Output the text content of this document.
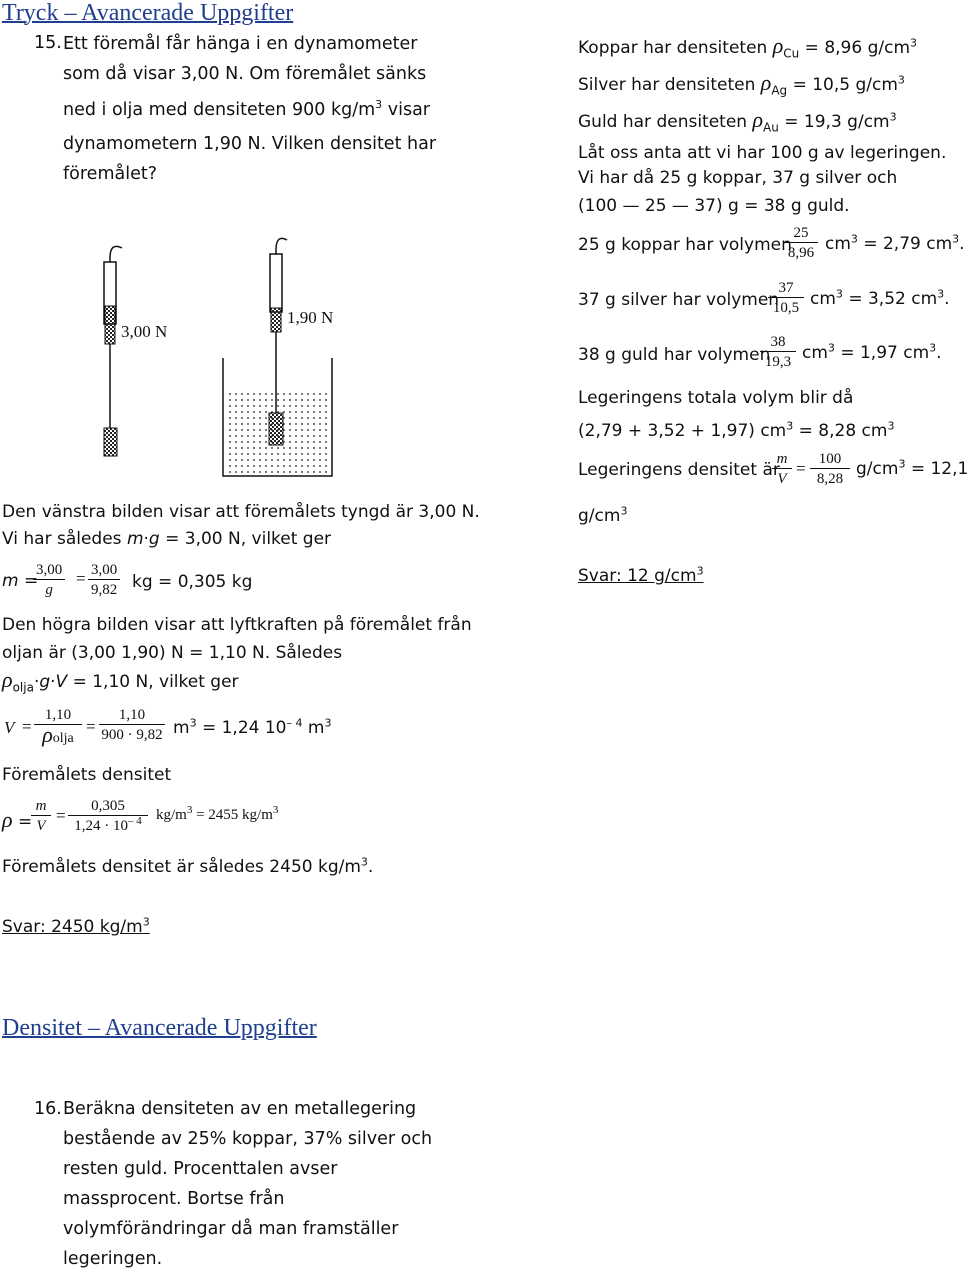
Tryck – Avancerade Uppgifter
15. Ett föremål får hänga i en dynamometer
som då visar 3,00 N. Om föremålet sänks
ned i olja med densiteten 900 $kg/m^3$ visar
dynamometern 1,90 N. Vilken densitet har
föremålet?
3,00 N
1,90 N
Den vänstra bilden visar att föremålets tyngd är 3,00 N.
Vi har således m·g = 3,00 N, vilket ger
m =
$\frac{3,00}{g} = \frac{3,00}{9,82}$ kg = 0,305 kg
Den högra bilden visar att lyftkraften på föremålet från
oljan är (3,00 1,90) N = 1,10 N. Således
$\rho_{olja}\cdot g\cdot V = 1,10$ N, vilket ger
V =
1,10
ρolja
= $\frac{1,10}{900 \cdot 9,82} m^3 = 1,24$ $10^{- 4}$ $m^3$
Föremålets densitet
ρ =
$\frac{m}{V} = \frac{0,305}{1,24 \cdot 10^{- 4}} kg/m^3 = 2455$ $kg/m^3$
Föremålets densitet är således 2450 $kg/m^3$.
Svar: 2450 $kg/m^3$
Koppar har densiteten $\rho_{Cu} = 8,96$ $g/cm^3$
Silver har densiteten $\rho_{Ag} = 10,5$ $g/cm^3$
Guld har densiteten $\rho_{Au} = 19,3$ $g/cm^3$
Låt oss anta att vi har 100 g av legeringen.
Vi har då 25 g koppar, 37 g silver och
(100 — 25 — 37) g = 38 g guld.
25 g koppar har volymen
$\frac{25}{8,96} cm^3 = 2,79$ $cm^3$.
37 g silver har volymen
$\frac{37}{10,5} cm^3 = 3,52$ $cm^3$.
38 g guld har volymen
$\frac{38}{19,3} cm^3 = 1,97$ $cm^3$.
Legeringens totala volym blir då
(2,79 + 3,52 + 1,97) $cm^3 = 8,28$ $cm^3$
Legeringens densitet är
$\frac{m}{V} = \frac{100}{8,28} g/cm^3 = 12,1$
$g/cm^3$
Svar: 12 $g/cm^3$
Densitet – Avancerade Uppgifter
16. Beräkna densiteten av en metallegering
bestående av 25% koppar, 37% silver och
resten guld. Procenttalen avser
massprocent. Bortse från
volymförändringar då man framställer
legeringen.
